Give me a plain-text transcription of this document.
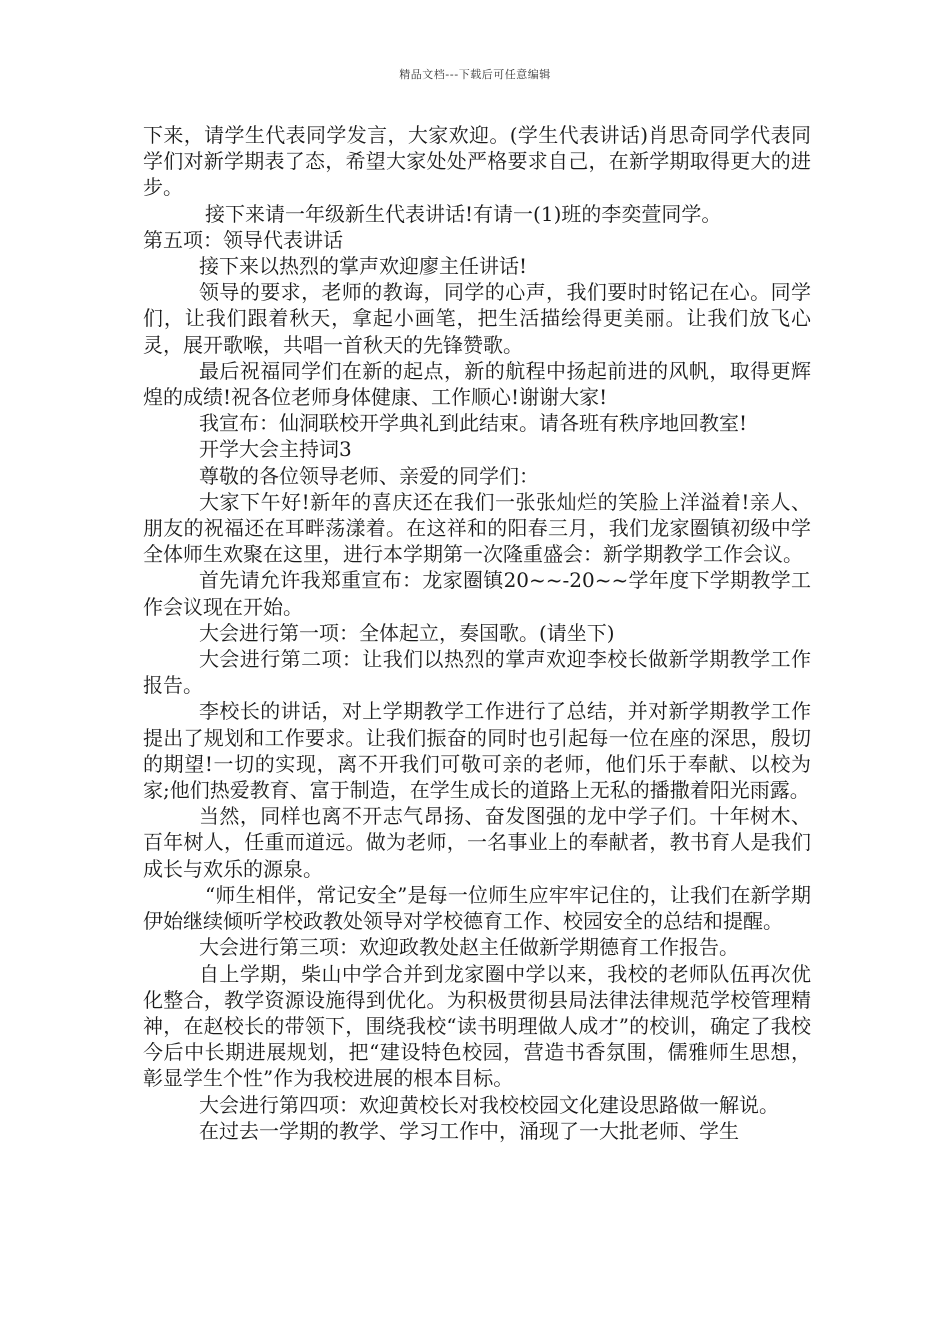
精品文档---下载后可任意编辑

下来，请学生代表同学发言，大家欢迎。(学生代表讲话)肖思奇同学代表同学们对新学期表了态，希望大家处处严格要求自己，在新学期取得更大的进步。

接下来请一年级新生代表讲话!有请一(1)班的李奕萱同学。

第五项：领导代表讲话

接下来以热烈的掌声欢迎廖主任讲话!

领导的要求，老师的教诲，同学的心声，我们要时时铭记在心。同学们，让我们跟着秋天，拿起小画笔，把生活描绘得更美丽。让我们放飞心灵，展开歌喉，共唱一首秋天的先锋赞歌。

最后祝福同学们在新的起点，新的航程中扬起前进的风帆，取得更辉煌的成绩!祝各位老师身体健康、工作顺心!谢谢大家!

我宣布：仙洞联校开学典礼到此结束。请各班有秩序地回教室!

开学大会主持词3

尊敬的各位领导老师、亲爱的同学们：

大家下午好!新年的喜庆还在我们一张张灿烂的笑脸上洋溢着!亲人、朋友的祝福还在耳畔荡漾着。在这祥和的阳春三月，我们龙家圈镇初级中学全体师生欢聚在这里，进行本学期第一次隆重盛会：新学期教学工作会议。

首先请允许我郑重宣布：龙家圈镇20~~-20~~学年度下学期教学工作会议现在开始。

大会进行第一项：全体起立，奏国歌。(请坐下)

大会进行第二项：让我们以热烈的掌声欢迎李校长做新学期教学工作报告。

李校长的讲话，对上学期教学工作进行了总结，并对新学期教学工作提出了规划和工作要求。让我们振奋的同时也引起每一位在座的深思，殷切的期望!一切的实现，离不开我们可敬可亲的老师，他们乐于奉献、以校为家;他们热爱教育、富于制造，在学生成长的道路上无私的播撒着阳光雨露。

当然，同样也离不开志气昂扬、奋发图强的龙中学子们。十年树木、百年树人，任重而道远。做为老师，一名事业上的奉献者，教书育人是我们成长与欢乐的源泉。

“师生相伴，常记安全”是每一位师生应牢牢记住的，让我们在新学期伊始继续倾听学校政教处领导对学校德育工作、校园安全的总结和提醒。

大会进行第三项：欢迎政教处赵主任做新学期德育工作报告。

自上学期，柴山中学合并到龙家圈中学以来，我校的老师队伍再次优化整合，教学资源设施得到优化。为积极贯彻县局法律法律规范学校管理精神，在赵校长的带领下，围绕我校“读书明理做人成才”的校训，确定了我校今后中长期进展规划，把“建设特色校园，营造书香氛围，儒雅师生思想，彰显学生个性”作为我校进展的根本目标。

大会进行第四项：欢迎黄校长对我校校园文化建设思路做一解说。

在过去一学期的教学、学习工作中，涌现了一大批老师、学生
